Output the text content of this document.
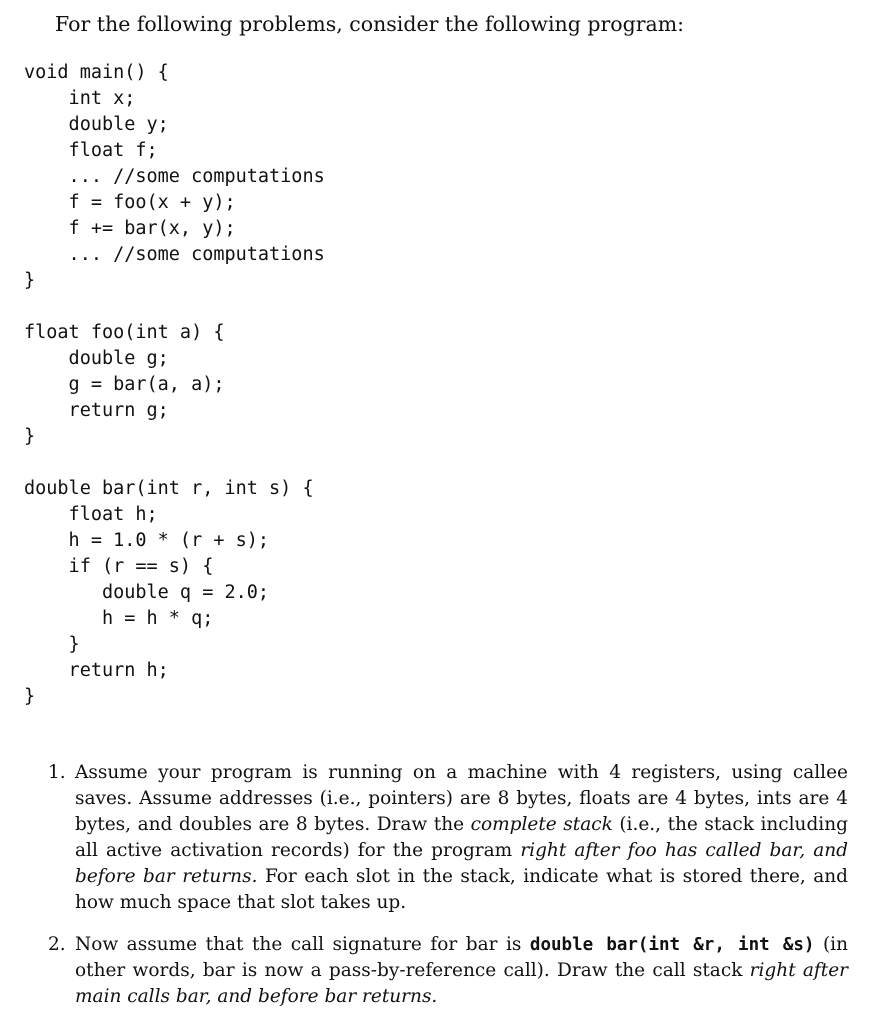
For the following problems, consider the following program:
void main() {
int x;
double y;
float f;
... //some computations
f = foo(x + y);
f += bar(x, y);
... //some computations
}
float foo(int a) {
double g;
g = bar(a, a);
return g;
}
double bar(int r, int s) {
float h;
h = 1.0 * (r + s);
if (r == s) {
double q = 2.0;
h = h * q;
}
return h;
}
1. Assume your program is running on a machine with 4 registers, using callee saves. Assume addresses (i.e., pointers) are 8 bytes, floats are 4 bytes, ints are 4 bytes, and doubles are 8 bytes. Draw the complete stack (i.e., the stack including all active activation records) for the program right after foo has called bar, and before bar returns. For each slot in the stack, indicate what is stored there, and how much space that slot takes up.
2. Now assume that the call signature for bar is double bar(int &r, int &s) (in other words, bar is now a pass-by-reference call). Draw the call stack right after main calls bar, and before bar returns.
